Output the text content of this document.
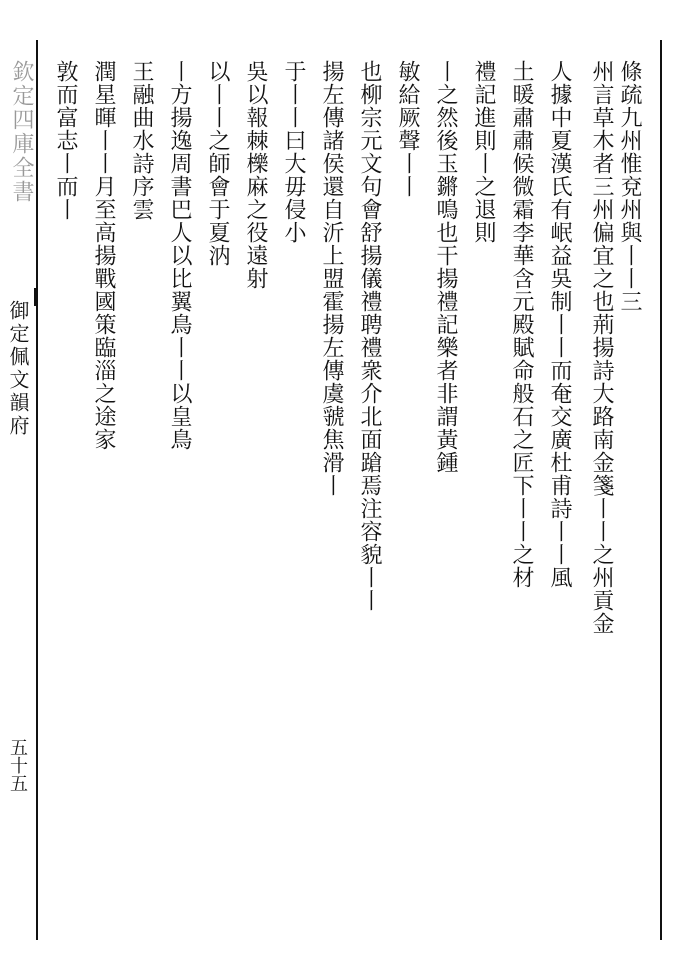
欽定四庫全書
御定佩文韻府
五十五
條疏九州惟兗州與丨丨三
州言草木者三州偏宜之也荊揚詩大路南金箋丨丨之州貢金
人據中夏漢氏有岷益吳制丨丨而奄交廣杜甫詩丨丨風
土暖肅肅候微霜李華含元殿賦命般石之匠下丨丨之材
禮記進則丨之退則
丨之然後玉鏘鳴也干揚禮記樂者非謂黃鍾
敏給厥聲丨丨
也柳宗元文句會舒揚儀禮聘禮衆介北面蹌焉注容貌丨丨
揚左傳諸侯還自沂上盟霍揚左傳虞虢焦滑丨
于丨丨曰大毋侵小
吳以報棘櫟麻之役遠射
以丨丨之師會于夏汭
丨方揚逸周書巴人以比翼鳥丨丨以皇鳥
王融曲水詩序雲
潤星暉丨丨月至高揚戰國策臨淄之途家
敦而富志丨而丨
